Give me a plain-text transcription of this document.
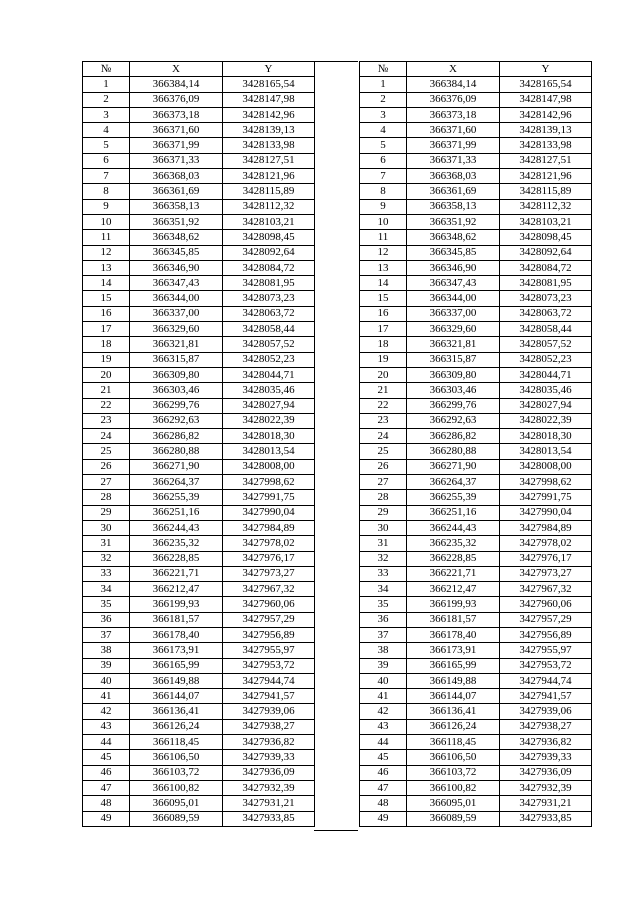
№	X	Y
1	366384,14	3428165,54
2	366376,09	3428147,98
3	366373,18	3428142,96
4	366371,60	3428139,13
5	366371,99	3428133,98
6	366371,33	3428127,51
7	366368,03	3428121,96
8	366361,69	3428115,89
9	366358,13	3428112,32
10	366351,92	3428103,21
11	366348,62	3428098,45
12	366345,85	3428092,64
13	366346,90	3428084,72
14	366347,43	3428081,95
15	366344,00	3428073,23
16	366337,00	3428063,72
17	366329,60	3428058,44
18	366321,81	3428057,52
19	366315,87	3428052,23
20	366309,80	3428044,71
21	366303,46	3428035,46
22	366299,76	3428027,94
23	366292,63	3428022,39
24	366286,82	3428018,30
25	366280,88	3428013,54
26	366271,90	3428008,00
27	366264,37	3427998,62
28	366255,39	3427991,75
29	366251,16	3427990,04
30	366244,43	3427984,89
31	366235,32	3427978,02
32	366228,85	3427976,17
33	366221,71	3427973,27
34	366212,47	3427967,32
35	366199,93	3427960,06
36	366181,57	3427957,29
37	366178,40	3427956,89
38	366173,91	3427955,97
39	366165,99	3427953,72
40	366149,88	3427944,74
41	366144,07	3427941,57
42	366136,41	3427939,06
43	366126,24	3427938,27
44	366118,45	3427936,82
45	366106,50	3427939,33
46	366103,72	3427936,09
47	366100,82	3427932,39
48	366095,01	3427931,21
49	366089,59	3427933,85
№	X	Y
1	366384,14	3428165,54
2	366376,09	3428147,98
3	366373,18	3428142,96
4	366371,60	3428139,13
5	366371,99	3428133,98
6	366371,33	3428127,51
7	366368,03	3428121,96
8	366361,69	3428115,89
9	366358,13	3428112,32
10	366351,92	3428103,21
11	366348,62	3428098,45
12	366345,85	3428092,64
13	366346,90	3428084,72
14	366347,43	3428081,95
15	366344,00	3428073,23
16	366337,00	3428063,72
17	366329,60	3428058,44
18	366321,81	3428057,52
19	366315,87	3428052,23
20	366309,80	3428044,71
21	366303,46	3428035,46
22	366299,76	3428027,94
23	366292,63	3428022,39
24	366286,82	3428018,30
25	366280,88	3428013,54
26	366271,90	3428008,00
27	366264,37	3427998,62
28	366255,39	3427991,75
29	366251,16	3427990,04
30	366244,43	3427984,89
31	366235,32	3427978,02
32	366228,85	3427976,17
33	366221,71	3427973,27
34	366212,47	3427967,32
35	366199,93	3427960,06
36	366181,57	3427957,29
37	366178,40	3427956,89
38	366173,91	3427955,97
39	366165,99	3427953,72
40	366149,88	3427944,74
41	366144,07	3427941,57
42	366136,41	3427939,06
43	366126,24	3427938,27
44	366118,45	3427936,82
45	366106,50	3427939,33
46	366103,72	3427936,09
47	366100,82	3427932,39
48	366095,01	3427931,21
49	366089,59	3427933,85
